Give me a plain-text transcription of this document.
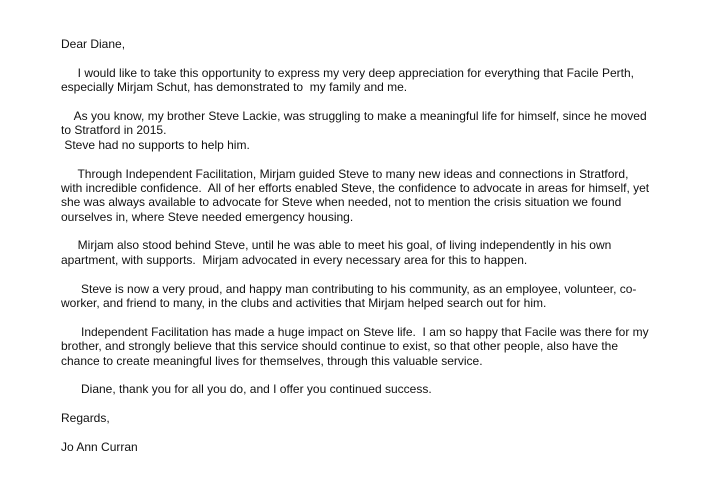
Dear Diane,
I would like to take this opportunity to express my very deep appreciation for everything that Facile Perth,
especially Mirjam Schut, has demonstrated to  my family and me.
As you know, my brother Steve Lackie, was struggling to make a meaningful life for himself, since he moved
to Stratford in 2015.
Steve had no supports to help him.
Through Independent Facilitation, Mirjam guided Steve to many new ideas and connections in Stratford,
with incredible confidence.  All of her efforts enabled Steve, the confidence to advocate in areas for himself, yet
she was always available to advocate for Steve when needed, not to mention the crisis situation we found
ourselves in, where Steve needed emergency housing.
Mirjam also stood behind Steve, until he was able to meet his goal, of living independently in his own
apartment, with supports.  Mirjam advocated in every necessary area for this to happen.
Steve is now a very proud, and happy man contributing to his community, as an employee, volunteer, co-
worker, and friend to many, in the clubs and activities that Mirjam helped search out for him.
Independent Facilitation has made a huge impact on Steve life.  I am so happy that Facile was there for my
brother, and strongly believe that this service should continue to exist, so that other people, also have the
chance to create meaningful lives for themselves, through this valuable service.
Diane, thank you for all you do, and I offer you continued success.
Regards,
Jo Ann Curran
